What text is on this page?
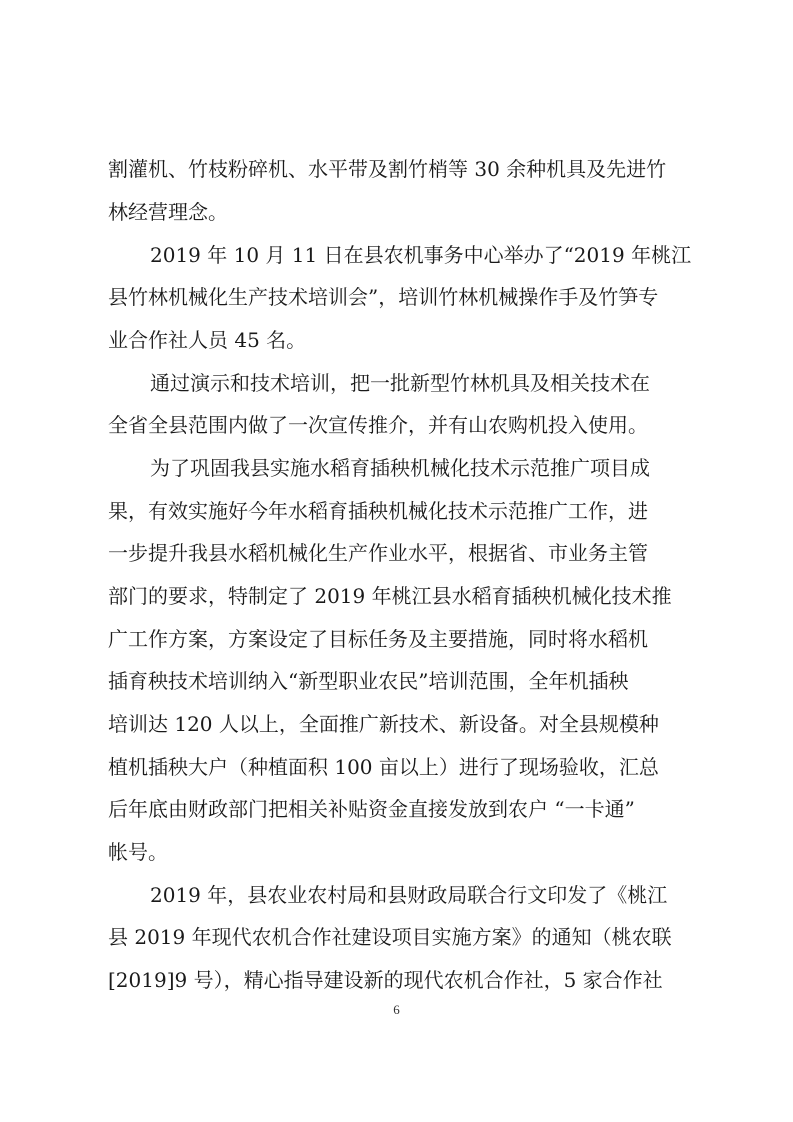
割灌机、竹枝粉碎机、水平带及割竹梢等 30 余种机具及先进竹
林经营理念。
2019 年 10 月 11 日在县农机事务中心举办了“2019 年桃江
县竹林机械化生产技术培训会”，培训竹林机械操作手及竹笋专
业合作社人员 45 名。
通过演示和技术培训，把一批新型竹林机具及相关技术在
全省全县范围内做了一次宣传推介，并有山农购机投入使用。
为了巩固我县实施水稻育插秧机械化技术示范推广项目成
果，有效实施好今年水稻育插秧机械化技术示范推广工作，进
一步提升我县水稻机械化生产作业水平，根据省、市业务主管
部门的要求，特制定了 2019 年桃江县水稻育插秧机械化技术推
广工作方案，方案设定了目标任务及主要措施，同时将水稻机
插育秧技术培训纳入“新型职业农民”培训范围，全年机插秧
培训达 120 人以上，全面推广新技术、新设备。对全县规模种
植机插秧大户（种植面积 100 亩以上）进行了现场验收，汇总
后年底由财政部门把相关补贴资金直接发放到农户 “一卡通”
帐号。
2019 年，县农业农村局和县财政局联合行文印发了《桃江
县 2019 年现代农机合作社建设项目实施方案》的通知（桃农联
[2019]9 号），精心指导建设新的现代农机合作社，5 家合作社
6
